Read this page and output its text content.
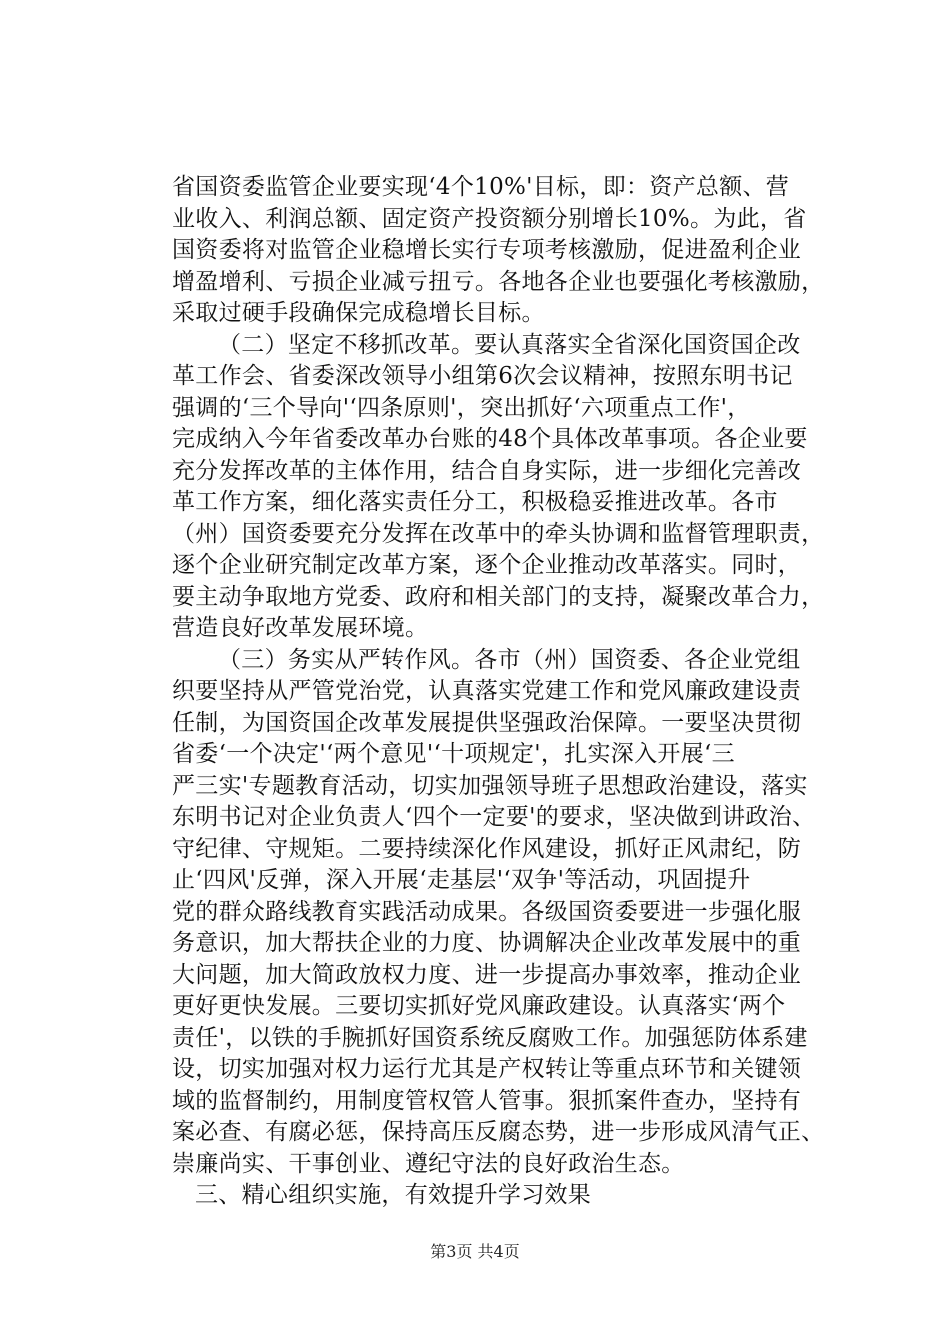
省国资委监管企业要实现‘4个10%'目标，即：资产总额、营
业收入、利润总额、固定资产投资额分别增长10%。为此，省
国资委将对监管企业稳增长实行专项考核激励，促进盈利企业
增盈增利、亏损企业减亏扭亏。各地各企业也要强化考核激励，
采取过硬手段确保完成稳增长目标。
（二）坚定不移抓改革。要认真落实全省深化国资国企改
革工作会、省委深改领导小组第6次会议精神，按照东明书记
强调的‘三个导向'‘四条原则'，突出抓好‘六项重点工作'，
完成纳入今年省委改革办台账的48个具体改革事项。各企业要
充分发挥改革的主体作用，结合自身实际，进一步细化完善改
革工作方案，细化落实责任分工，积极稳妥推进改革。各市
（州）国资委要充分发挥在改革中的牵头协调和监督管理职责，
逐个企业研究制定改革方案，逐个企业推动改革落实。同时，
要主动争取地方党委、政府和相关部门的支持，凝聚改革合力，
营造良好改革发展环境。
（三）务实从严转作风。各市（州）国资委、各企业党组
织要坚持从严管党治党，认真落实党建工作和党风廉政建设责
任制，为国资国企改革发展提供坚强政治保障。一要坚决贯彻
省委‘一个决定'‘两个意见'‘十项规定'，扎实深入开展‘三
严三实'专题教育活动，切实加强领导班子思想政治建设，落实
东明书记对企业负责人‘四个一定要'的要求，坚决做到讲政治、
守纪律、守规矩。二要持续深化作风建设，抓好正风肃纪，防
止‘四风'反弹，深入开展‘走基层'‘双争'等活动，巩固提升
党的群众路线教育实践活动成果。各级国资委要进一步强化服
务意识，加大帮扶企业的力度、协调解决企业改革发展中的重
大问题，加大简政放权力度、进一步提高办事效率，推动企业
更好更快发展。三要切实抓好党风廉政建设。认真落实‘两个
责任'，以铁的手腕抓好国资系统反腐败工作。加强惩防体系建
设，切实加强对权力运行尤其是产权转让等重点环节和关键领
域的监督制约，用制度管权管人管事。狠抓案件查办，坚持有
案必查、有腐必惩，保持高压反腐态势，进一步形成风清气正、
崇廉尚实、干事创业、遵纪守法的良好政治生态。
三、精心组织实施，有效提升学习效果
第3页 共4页
